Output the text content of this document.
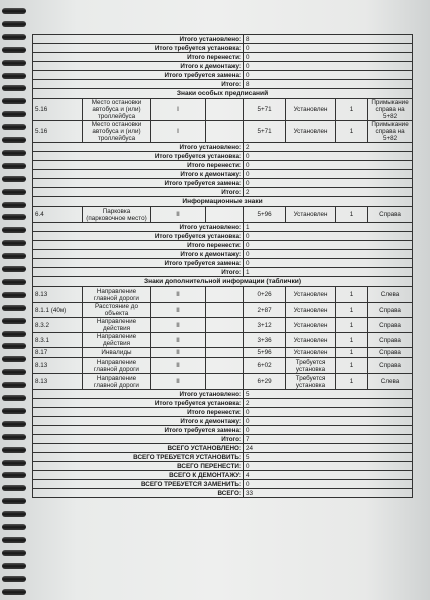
Итого установлено:				8			
Итого требуется установка:				0			
Итого перенести:				0			
Итого к демонтажу:				0			
Итого требуется замена:				0			
Итого:				8			
Знаки особых предписаний							
5.16	Место остановки автобуса и (или) троллейбуса	I		5+71	Установлен	1	Примыкание справа на 5+82
5.16	Место остановки автобуса и (или) троллейбуса	I		5+71	Установлен	1	Примыкание справа на 5+82
Итого установлено:				2			
Итого требуется установка:				0			
Итого перенести:				0			
Итого к демонтажу:				0			
Итого требуется замена:				0			
Итого:				2			
Информационные знаки							
6.4	Парковка (парковочное место)	II		5+96	Установлен	1	Справа
Итого установлено:				1			
Итого требуется установка:				0			
Итого перенести:				0			
Итого к демонтажу:				0			
Итого требуется замена:				0			
Итого:				1			
Знаки дополнительной информации (таблички)							
8.13	Направление главной дороги	II		0+26	Установлен	1	Слева
8.1.1 (40м)	Расстояние до объекта	II		2+87	Установлен	1	Справа
8.3.2	Направление действия	II		3+12	Установлен	1	Справа
8.3.1	Направление действия	II		3+36	Установлен	1	Справа
8.17	Инвалиды	II		5+96	Установлен	1	Справа
8.13	Направление главной дороги	II		6+02	Требуется установка	1	Справа
8.13	Направление главной дороги	II		6+29	Требуется установка	1	Слева
Итого установлено:				5			
Итого требуется установка:				2			
Итого перенести:				0			
Итого к демонтажу:				0			
Итого требуется замена:				0			
Итого:				7			
ВСЕГО УСТАНОВЛЕНО:				24			
ВСЕГО ТРЕБУЕТСЯ УСТАНОВИТЬ:				5			
ВСЕГО ПЕРЕНЕСТИ:				0			
ВСЕГО К ДЕМОНТАЖУ:				4			
ВСЕГО ТРЕБУЕТСЯ ЗАМЕНИТЬ:				0			
ВСЕГО:				33			
